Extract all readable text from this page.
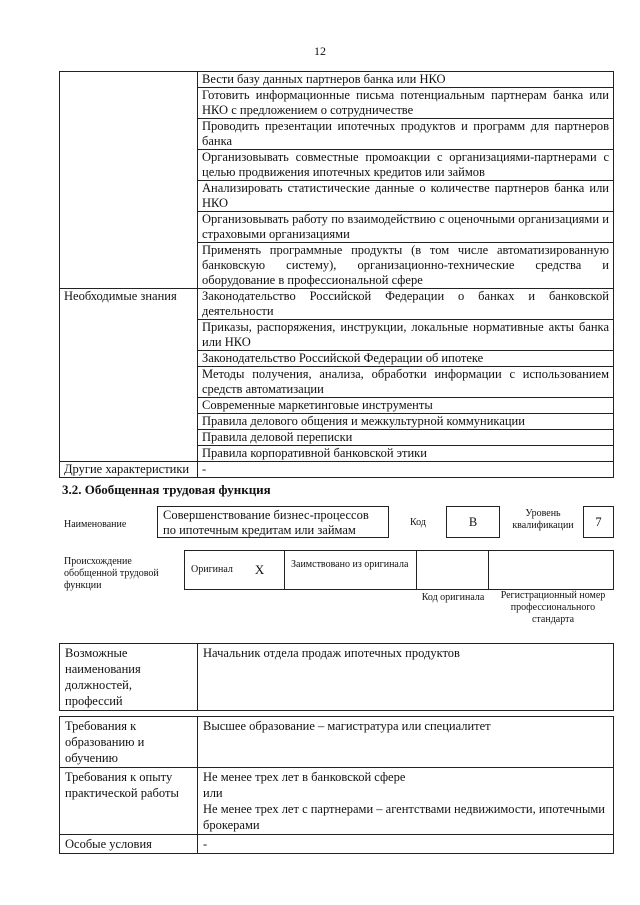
12
	Вести базу данных партнеров банка или НКО
	Готовить информационные письма потенциальным партнерам банка или НКО с предложением о сотрудничестве
	Проводить презентации ипотечных продуктов и программ для партнеров банка
	Организовывать совместные промоакции с организациями-партнерами с целью продвижения ипотечных кредитов или займов
	Анализировать статистические данные о количестве партнеров банка или НКО
	Организовывать работу по взаимодействию с оценочными организациями и страховыми организациями
	Применять программные продукты (в том числе автоматизированную банковскую систему), организационно-технические средства и оборудование в профессиональной сфере
Необходимые знания	Законодательство Российской Федерации о банках и банковской деятельности
	Приказы, распоряжения, инструкции, локальные нормативные акты банка или НКО
	Законодательство Российской Федерации об ипотеке
	Методы получения, анализа, обработки информации с использованием средств автоматизации
	Современные маркетинговые инструменты
	Правила делового общения и межкультурной коммуникации
	Правила деловой переписки
	Правила корпоративной банковской этики
Другие характеристики	-
3.2. Обобщенная трудовая функция
Наименование
Совершенствование бизнес-процессов по ипотечным кредитам или займам
Код	B
Уровень квалификации	7
Происхождение обобщенной трудовой функции
Оригинал X	Заимствовано из оригинала
Код оригинала	Регистрационный номер профессионального стандарта
Возможные наименования должностей, профессий	Начальник отдела продаж ипотечных продуктов
Требования к образованию и обучению	Высшее образование – магистратура или специалитет
Требования к опыту практической работы	Не менее трех лет в банковской сфере
или
Не менее трех лет с партнерами – агентствами недвижимости, ипотечными брокерами

Особые условия	-
